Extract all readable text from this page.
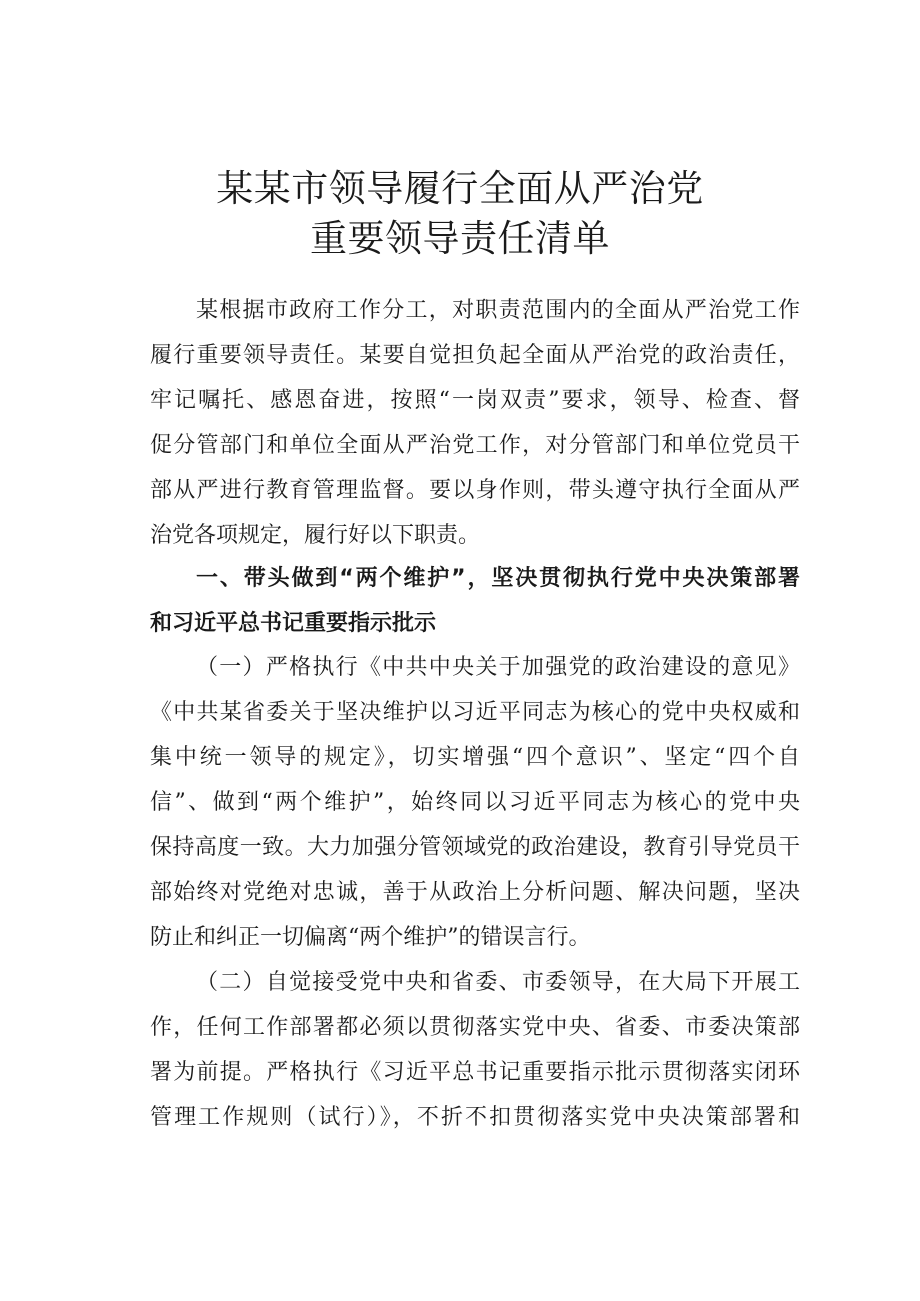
某某市领导履行全面从严治党
重要领导责任清单
某根据市政府工作分工，对职责范围内的全面从严治党工作
履行重要领导责任。某要自觉担负起全面从严治党的政治责任，
牢记嘱托、感恩奋进，按照“一岗双责”要求，领导、检查、督
促分管部门和单位全面从严治党工作，对分管部门和单位党员干
部从严进行教育管理监督。要以身作则，带头遵守执行全面从严
治党各项规定，履行好以下职责。
一、带头做到“两个维护”，坚决贯彻执行党中央决策部署
和习近平总书记重要指示批示
（一）严格执行《中共中央关于加强党的政治建设的意见》
《中共某省委关于坚决维护以习近平同志为核心的党中央权威和
集中统一领导的规定》，切实增强“四个意识”、坚定“四个自
信”、做到“两个维护”，始终同以习近平同志为核心的党中央
保持高度一致。大力加强分管领域党的政治建设，教育引导党员干
部始终对党绝对忠诚，善于从政治上分析问题、解决问题，坚决
防止和纠正一切偏离“两个维护”的错误言行。
（二）自觉接受党中央和省委、市委领导，在大局下开展工
作，任何工作部署都必须以贯彻落实党中央、省委、市委决策部
署为前提。严格执行《习近平总书记重要指示批示贯彻落实闭环
管理工作规则（试行）》，不折不扣贯彻落实党中央决策部署和
